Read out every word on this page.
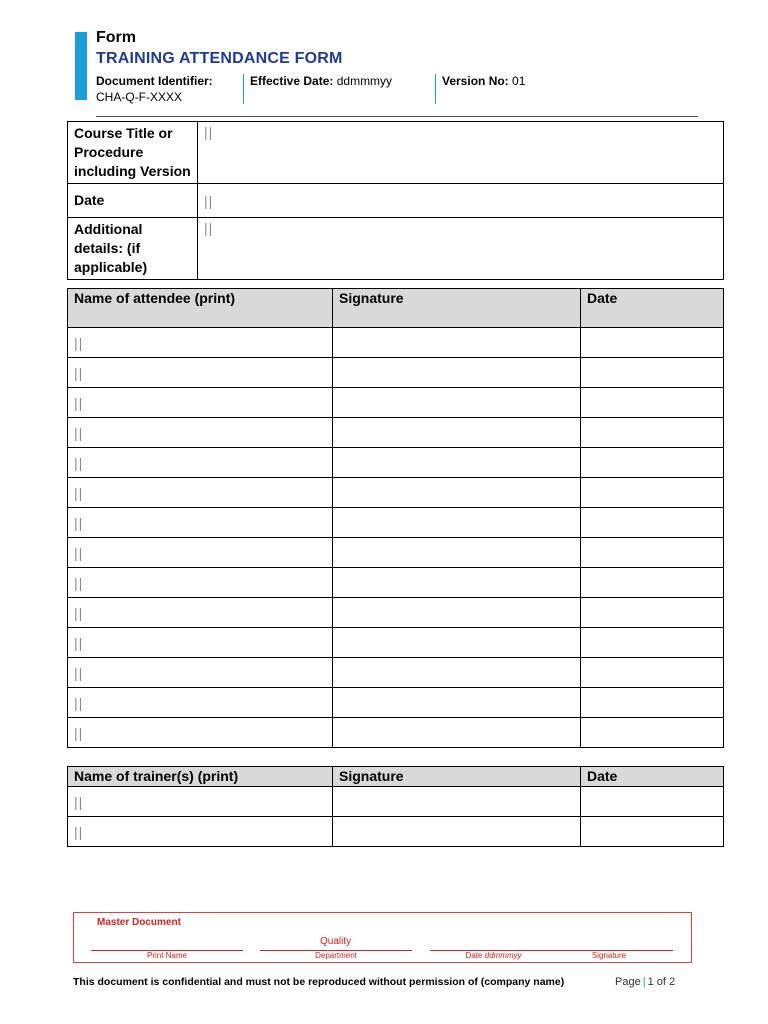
Form
TRAINING ATTENDANCE FORM
Document Identifier:
CHA-Q-F-XXXX
Effective Date: ddmmmyy	Version No: 01
Course Title or Procedure including Version	||
Date	||
Additional details: (if applicable)	||
Name of attendee (print)	Signature	Date
||		
||		
||		
||		
||		
||		
||		
||		
||		
||		
||		
||		
||		
||		
Name of trainer(s) (print)	Signature	Date
||		
||		
Master Document
Quality
Print Name	Department	Date ddmmmyy	Signature
This document is confidential and must not be reproduced without permission of (company name)	Page | 1 of 2
